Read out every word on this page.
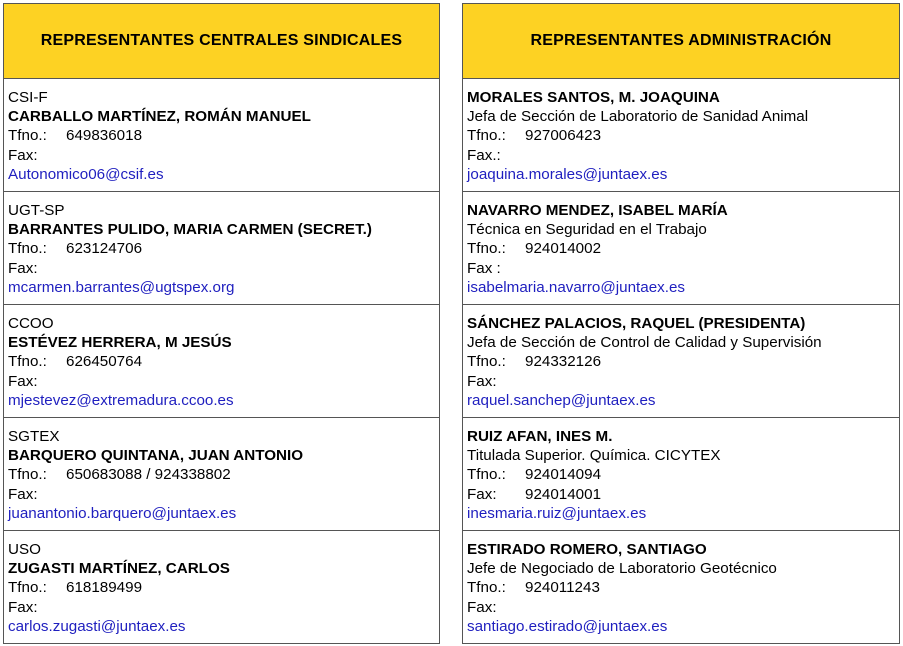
REPRESENTANTES CENTRALES SINDICALES
CSI-F
CARBALLO MARTÍNEZ, ROMÁN MANUEL
Tfno.: 649836018
Fax:
Autonomico06@csif.es
UGT-SP
BARRANTES PULIDO, MARIA CARMEN (SECRET.)
Tfno.: 623124706
Fax:
mcarmen.barrantes@ugtspex.org
CCOO
ESTÉVEZ HERRERA, M JESÚS
Tfno.: 626450764
Fax:
mjestevez@extremadura.ccoo.es
SGTEX
BARQUERO QUINTANA, JUAN ANTONIO
Tfno.: 650683088 / 924338802
Fax:
juanantonio.barquero@juntaex.es
USO
ZUGASTI MARTÍNEZ, CARLOS
Tfno.: 618189499
Fax:
carlos.zugasti@juntaex.es
REPRESENTANTES ADMINISTRACIÓN
MORALES SANTOS, M. JOAQUINA
Jefa de Sección de Laboratorio de Sanidad Animal
Tfno.: 927006423
Fax.:
joaquina.morales@juntaex.es
NAVARRO MENDEZ, ISABEL MARÍA
Técnica en Seguridad en el Trabajo
Tfno.: 924014002
Fax :
isabelmaria.navarro@juntaex.es
SÁNCHEZ PALACIOS, RAQUEL (PRESIDENTA)
Jefa de Sección de Control de Calidad y Supervisión
Tfno.: 924332126
Fax:
raquel.sanchep@juntaex.es
RUIZ AFAN, INES M.
Titulada Superior. Química. CICYTEX
Tfno.: 924014094
Fax: 924014001
inesmaria.ruiz@juntaex.es
ESTIRADO ROMERO, SANTIAGO
Jefe de Negociado de Laboratorio Geotécnico
Tfno.: 924011243
Fax:
santiago.estirado@juntaex.es
